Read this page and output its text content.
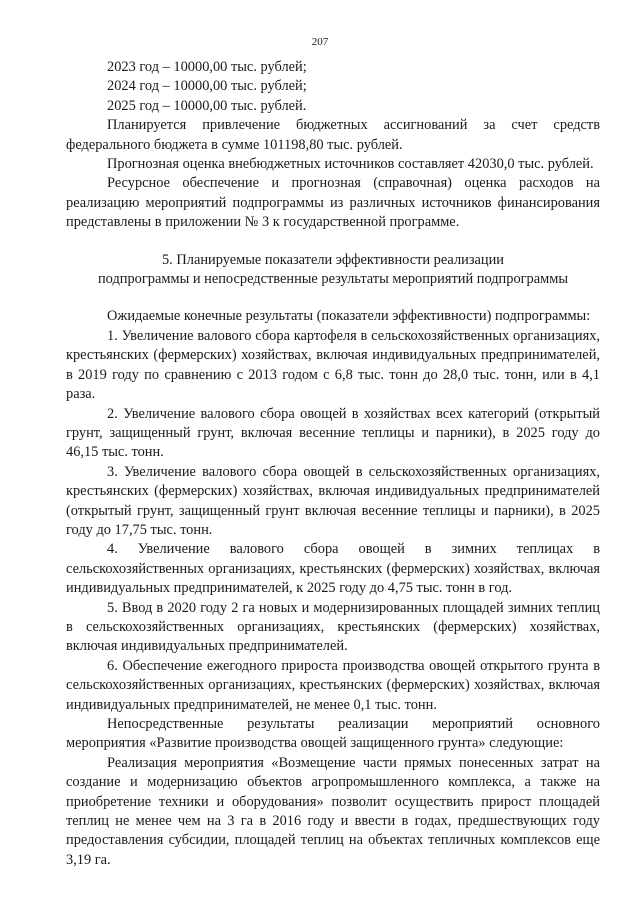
207

2023 год – 10000,00 тыс. рублей;

2024 год – 10000,00 тыс. рублей;

2025 год – 10000,00 тыс. рублей.

Планируется привлечение бюджетных ассигнований за счет средств федерального бюджета в сумме 101198,80 тыс. рублей.

Прогнозная оценка внебюджетных источников составляет 42030,0 тыс. рублей.

Ресурсное обеспечение и прогнозная (справочная) оценка расходов на реализацию мероприятий подпрограммы из различных источников финансирования представлены в приложении № 3 к государственной программе.

5. Планируемые показатели эффективности реализации
подпрограммы и непосредственные результаты мероприятий подпрограммы

Ожидаемые конечные результаты (показатели эффективности) подпрограммы:

1. Увеличение валового сбора картофеля в сельскохозяйственных организациях, крестьянских (фермерских) хозяйствах, включая индивидуальных предпринимателей, в 2019 году по сравнению с 2013 годом с 6,8 тыс. тонн до 28,0 тыс. тонн, или в 4,1 раза.

2. Увеличение валового сбора овощей в хозяйствах всех категорий (открытый грунт, защищенный грунт, включая весенние теплицы и парники), в 2025 году до 46,15 тыс. тонн.

3. Увеличение валового сбора овощей в сельскохозяйственных организациях, крестьянских (фермерских) хозяйствах, включая индивидуальных предпринимателей (открытый грунт, защищенный грунт включая весенние теплицы и парники), в 2025 году до 17,75 тыс. тонн.

4. Увеличение валового сбора овощей в зимних теплицах в сельскохозяйственных организациях, крестьянских (фермерских) хозяйствах, включая индивидуальных предпринимателей, к 2025 году до 4,75 тыс. тонн в год.

5. Ввод в 2020 году 2 га новых и модернизированных площадей зимних теплиц в сельскохозяйственных организациях, крестьянских (фермерских) хозяйствах, включая индивидуальных предпринимателей.

6. Обеспечение ежегодного прироста производства овощей открытого грунта в сельскохозяйственных организациях, крестьянских (фермерских) хозяйствах, включая индивидуальных предпринимателей, не менее 0,1 тыс. тонн.

Непосредственные результаты реализации мероприятий основного мероприятия «Развитие производства овощей защищенного грунта» следующие:

Реализация мероприятия «Возмещение части прямых понесенных затрат на создание и модернизацию объектов агропромышленного комплекса, а также на приобретение техники и оборудования» позволит осуществить прирост площадей теплиц не менее чем на 3 га в 2016 году и ввести в годах, предшествующих году предоставления субсидии, площадей теплиц на объектах тепличных комплексов еще 3,19 га.
